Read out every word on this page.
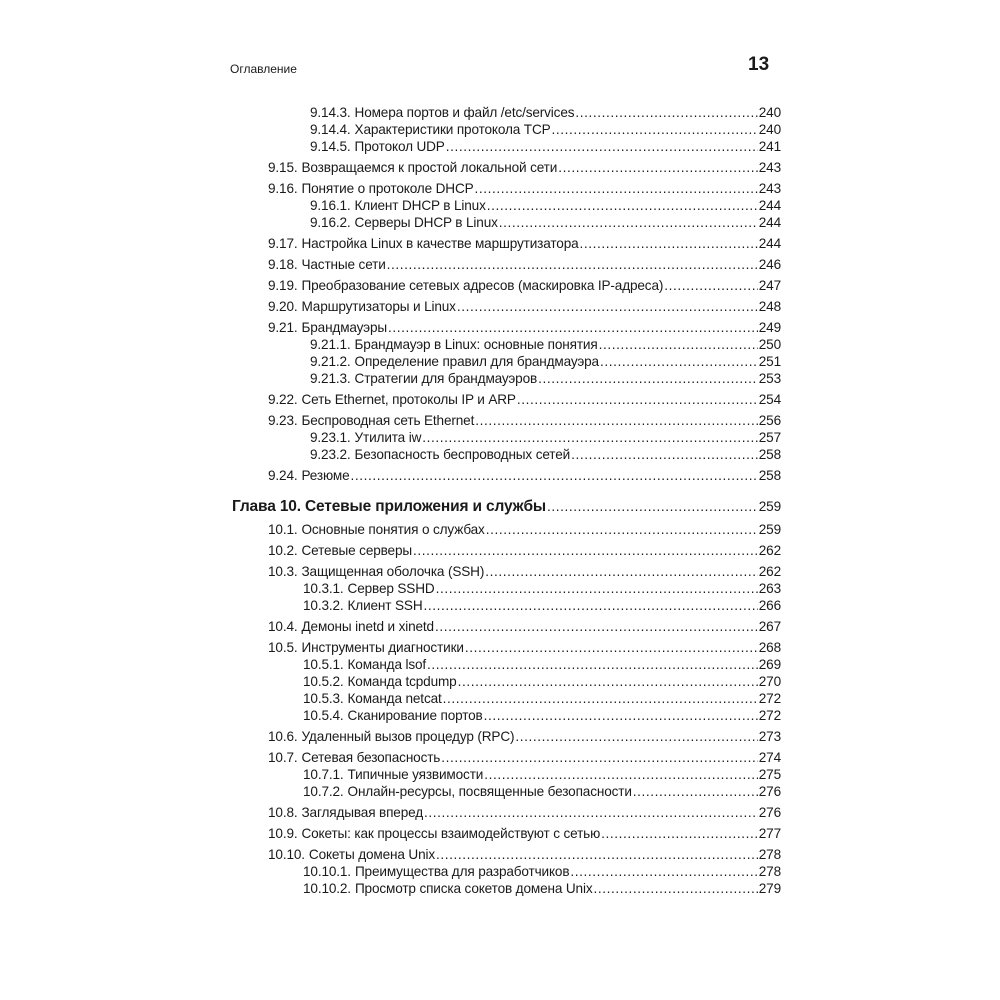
Оглавление	13
9.14.3. Номера портов и файл /etc/services .....	240
9.14.4. Характеристики протокола TCP .....	240
9.14.5. Протокол UDP .....	241
9.15. Возвращаемся к простой локальной сети .....	243
9.16. Понятие о протоколе DHCP .....	243
9.16.1. Клиент DHCP в Linux .....	244
9.16.2. Серверы DHCP в Linux .....	244
9.17. Настройка Linux в качестве маршрутизатора .....	244
9.18. Частные сети .....	246
9.19. Преобразование сетевых адресов (маскировка IP-адреса) .....	247
9.20. Маршрутизаторы и Linux .....	248
9.21. Брандмауэры .....	249
9.21.1. Брандмауэр в Linux: основные понятия .....	250
9.21.2. Определение правил для брандмауэра .....	251
9.21.3. Стратегии для брандмауэров .....	253
9.22. Сеть Ethernet, протоколы IP и ARP .....	254
9.23. Беспроводная сеть Ethernet .....	256
9.23.1. Утилита iw .....	257
9.23.2. Безопасность беспроводных сетей .....	258
9.24. Резюме .....	258
Глава 10. Сетевые приложения и службы .....	259
10.1. Основные понятия о службах .....	259
10.2. Сетевые серверы .....	262
10.3. Защищенная оболочка (SSH) .....	262
10.3.1. Сервер SSHD .....	263
10.3.2. Клиент SSH .....	266
10.4. Демоны inetd и xinetd .....	267
10.5. Инструменты диагностики .....	268
10.5.1. Команда lsof .....	269
10.5.2. Команда tcpdump .....	270
10.5.3. Команда netcat .....	272
10.5.4. Сканирование портов .....	272
10.6. Удаленный вызов процедур (RPC) .....	273
10.7. Сетевая безопасность .....	274
10.7.1. Типичные уязвимости .....	275
10.7.2. Онлайн-ресурсы, посвященные безопасности .....	276
10.8. Заглядывая вперед .....	276
10.9. Сокеты: как процессы взаимодействуют с сетью .....	277
10.10. Сокеты домена Unix .....	278
10.10.1. Преимущества для разработчиков .....	278
10.10.2. Просмотр списка сокетов домена Unix .....	279
